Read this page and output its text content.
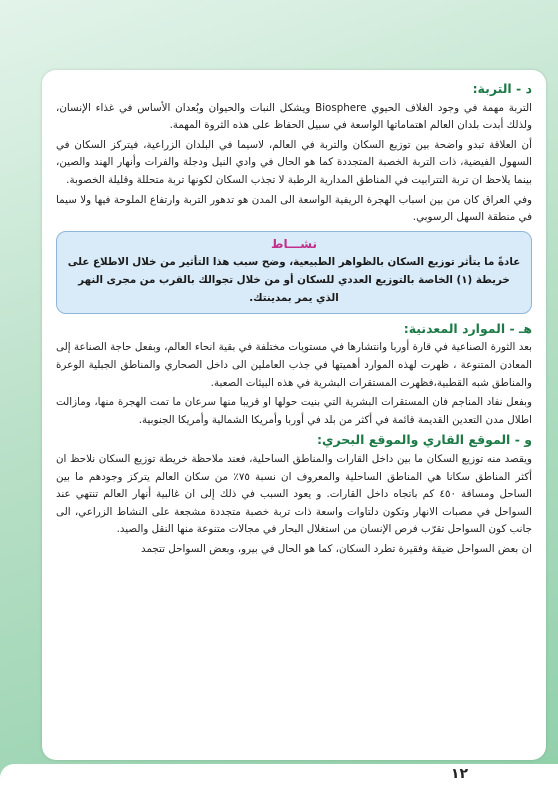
د - التربة:

التربة مهمة في وجود الغلاف الحيوي Biosphere ويشكل النبات والحيوان وبُعدان الأساس في غذاء الإنسان، ولذلك أبدت بلدان العالم اهتماماتها الواسعة في سبيل الحفاظ على هذه الثروة المهمة.

أن العلاقة تبدو واضحة بين توزيع السكان والتربة في العالم، لاسيما في البلدان الزراعية، فيتركز السكان في السهول الفيضية، ذات التربة الخصبة المتجددة كما هو الحال في وادي النيل ودجلة والفرات وأنهار الهند والصين، بينما يلاحظ ان تربة التترابيت في المناطق المدارية الرطبة لا تجذب السكان لكونها تربة متحللة وقليلة الخصوبة.

وفي العراق كان من بين اسباب الهجرة الريفية الواسعة الى المدن هو تدهور التربة وارتفاع الملوحة فيها ولا سيما في منطقة السهل الرسوبي.

نشـــاط
عادةً ما يتأثر توزيع السكان بالظواهر الطبيعية، وضح سبب هذا التأثير من خلال الاطلاع على خريطة (١) الخاصة بالتوزيع العددي للسكان أو من خلال تجوالك بالقرب من مجرى النهر الذي يمر بمدينتك.
هـ - الموارد المعدنية:

بعد الثورة الصناعية في قارة أوربا وانتشارها في مستويات مختلفة في بقية انحاء العالم، وبفعل حاجة الصناعة إلى المعادن المتنوعة ، ظهرت لهذه الموارد أهميتها في جذب العاملين الى داخل الصحاري والمناطق الجبلية الوعرة والمناطق شبه القطبية،فظهرت المستقرات البشرية في هذه البيئات الصعبة.

وبفعل نفاد المناجم فان المستقرات البشرية التي بنيت حولها او قريبا منها سرعان ما تمت الهجرة منها، ومازالت اطلال مدن التعدين القديمة قائمة في أكثر من بلد في أوربا وأمريكا الشمالية وأمريكا الجنوبية.

و - الموقع القاري والموقع البحري:

ويقصد منه توزيع السكان ما بين داخل القارات والمناطق الساحلية، فعند ملاحظة خريطة توزيع السكان نلاحظ ان أكثر المناطق سكانا هي المناطق الساحلية والمعروف ان نسبة ٧٥٪ من سكان العالم يتركز وجودهم ما بين الساحل ومسافة ٤٥٠ كم باتجاه داخل القارات. و يعود السبب في ذلك إلى ان غالبية أنهار العالم تنتهي عند السواحل في مصبات الانهار وتكون دلتاوات واسعة ذات تربة خصبة متجددة مشجعة على النشاط الزراعي، الى جانب كون السواحل تقرّب فرص الإنسان من استغلال البحار في مجالات متنوعة منها النقل والصيد.

ان بعض السواحل ضيقة وفقيرة تطرد السكان، كما هو الحال في بيرو، وبعض السواحل تتجمد

١٢
